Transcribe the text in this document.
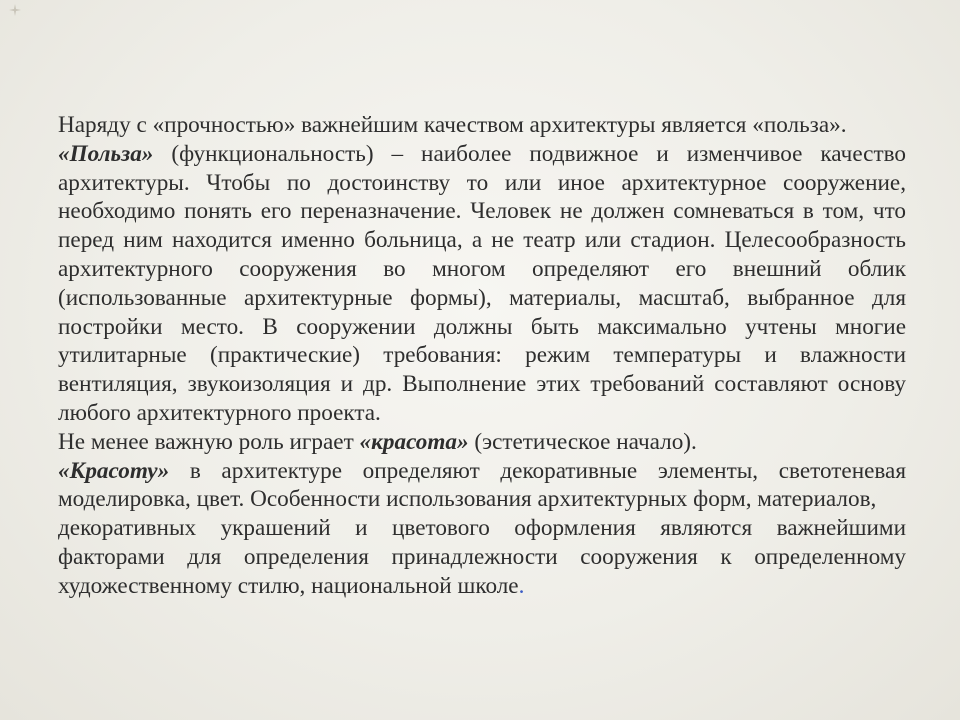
Наряду с «прочностью» важнейшим качеством архитектуры является «польза».

«Польза» (функциональность) – наиболее подвижное и изменчивое качество архитектуры. Чтобы по достоинству то или иное архитектурное сооружение, необходимо понять его переназначение. Человек не должен сомневаться в том, что перед ним находится именно больница, а не театр или стадион. Целесообразность архитектурного сооружения во многом определяют его внешний облик (использованные архитектурные формы), материалы, масштаб, выбранное для постройки место. В сооружении должны быть максимально учтены многие утилитарные (практические) требования: режим температуры и влажности вентиляция, звукоизоляция и др. Выполнение этих требований составляют основу любого архитектурного проекта.

Не менее важную роль играет «красота» (эстетическое начало).

«Красоту» в архитектуре определяют декоративные элементы, светотеневая моделировка, цвет. Особенности использования архитектурных форм, материалов,

декоративных украшений и цветового оформления являются важнейшими факторами для определения принадлежности сооружения к определенному художественному стилю, национальной школе.
